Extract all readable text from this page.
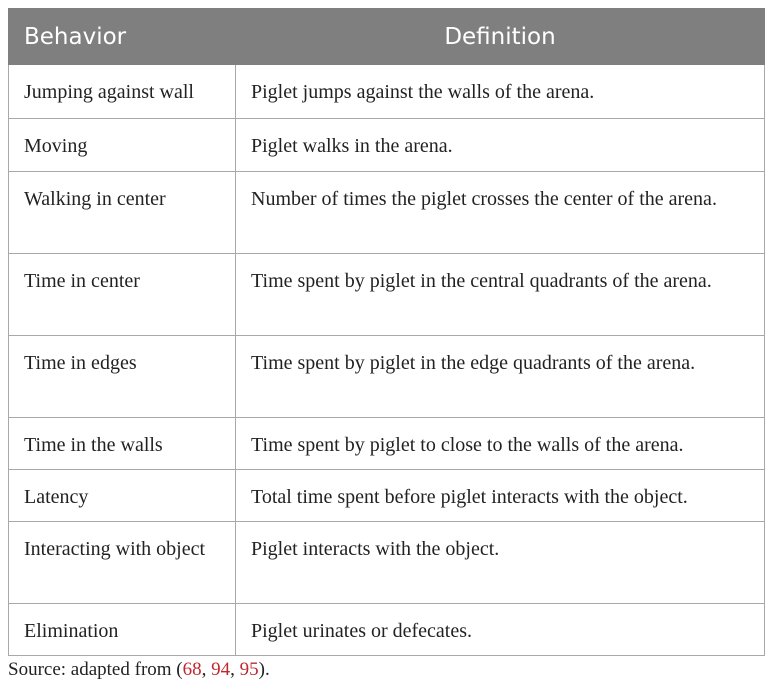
Behavior	Definition
Jumping against wall	Piglet jumps against the walls of the arena.
Moving	Piglet walks in the arena.
Walking in center	Number of times the piglet crosses the center of the arena.
Time in center	Time spent by piglet in the central quadrants of the arena.
Time in edges	Time spent by piglet in the edge quadrants of the arena.
Time in the walls	Time spent by piglet to close to the walls of the arena.
Latency	Total time spent before piglet interacts with the object.
Interacting with object	Piglet interacts with the object.
Elimination	Piglet urinates or defecates.
Source: adapted from (68, 94, 95).
